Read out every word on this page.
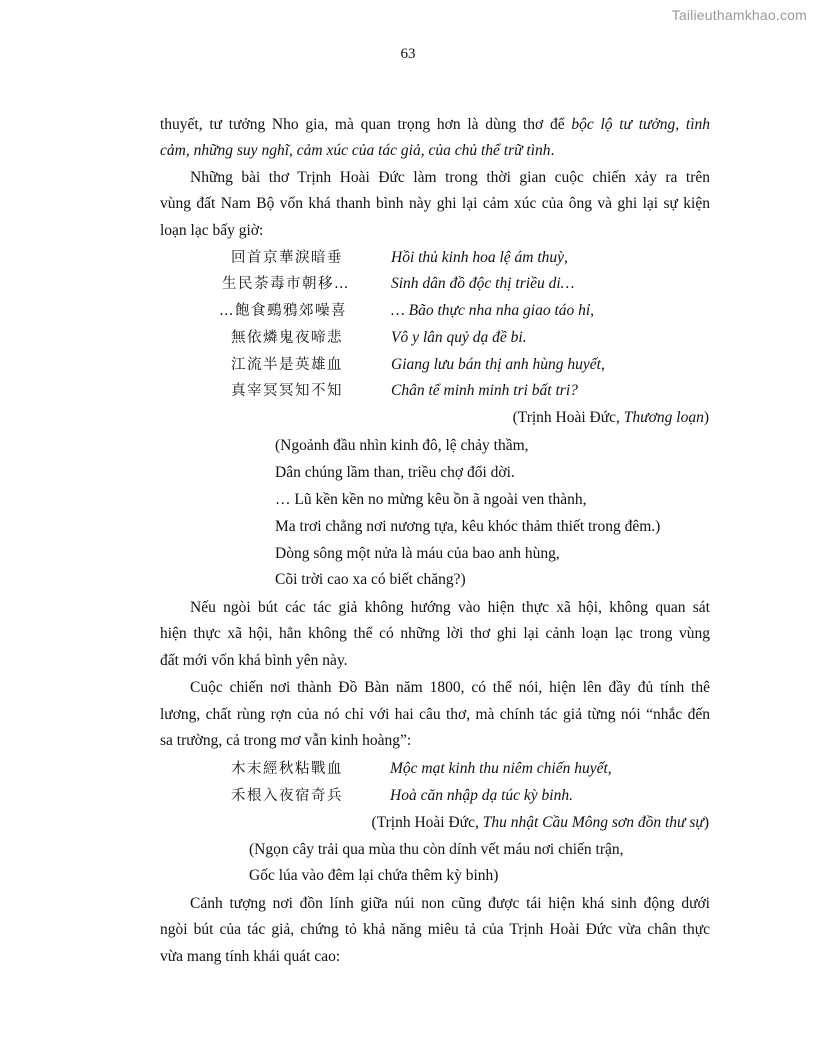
Tailieuthamkhao.com
63
thuyết, tư tưởng Nho gia, mà quan trọng hơn là dùng thơ để bộc lộ tư tưởng, tình
cảm, những suy nghĩ, cảm xúc của tác giả, của chủ thể trữ tình.
Những bài thơ Trịnh Hoài Đức làm trong thời gian cuộc chiến xảy ra trên
vùng đất Nam Bộ vốn khá thanh bình này ghi lại cảm xúc của ông và ghi lại sự kiện
loạn lạc bấy giờ:
回首京華淚暗垂	Hồi thủ kinh hoa lệ ám thuỳ,
生民荼毒市朝移…	Sinh dân đồ độc thị triều di…
…飽食鵐鴉郊噪喜	… Bão thực nha nha giao táo hỉ,
無依燐鬼夜啼悲	Vô y lân quỷ dạ đề bi.
江流半是英雄血	Giang lưu bán thị anh hùng huyết,
真宰冥冥知不知	Chân tể minh minh tri bất tri?
(Trịnh Hoài Đức, Thương loạn)
(Ngoảnh đầu nhìn kinh đô, lệ chảy thầm,
Dân chúng lầm than, triều chợ đổi dời.
… Lũ kền kền no mừng kêu ồn ã ngoài ven thành,
Ma trơi chẳng nơi nương tựa, kêu khóc thảm thiết trong đêm.)
Dòng sông một nửa là máu của bao anh hùng,
Cõi trời cao xa có biết chăng?)
Nếu ngòi bút các tác giả không hướng vào hiện thực xã hội, không quan sát
hiện thực xã hội, hẳn không thể có những lời thơ ghi lại cảnh loạn lạc trong vùng
đất mới vốn khá bình yên này.
Cuộc chiến nơi thành Đồ Bàn năm 1800, có thể nói, hiện lên đầy đủ tính thê
lương, chất rùng rợn của nó chỉ với hai câu thơ, mà chính tác giả từng nói “nhắc đến
sa trường, cả trong mơ vẫn kinh hoàng”:
木末經秋粘戰血	Mộc mạt kinh thu niêm chiến huyết,
禾根入夜宿奇兵	Hoà căn nhập dạ túc kỳ binh.
(Trịnh Hoài Đức, Thu nhật Cầu Mông sơn đồn thư sự)
(Ngọn cây trải qua mùa thu còn dính vết máu nơi chiến trận,
Gốc lúa vào đêm lại chứa thêm kỳ binh)
Cảnh tượng nơi đồn lính giữa núi non cũng được tái hiện khá sinh động dưới
ngòi bút của tác giả, chứng tỏ khả năng miêu tả của Trịnh Hoài Đức vừa chân thực
vừa mang tính khái quát cao:
